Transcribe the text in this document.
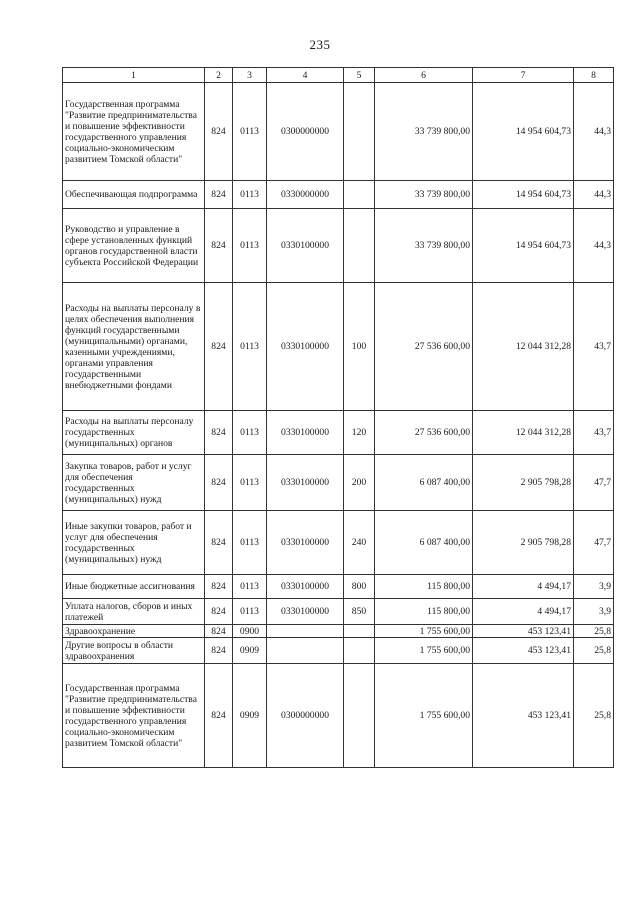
235
1	2	3	4	5	6	7	8
Государственная программа "Развитие предпринимательства и повышение эффективности государственного управления социально-экономическим развитием Томской области"	824	0113	0300000000		33 739 800,00	14 954 604,73	44,3
Обеспечивающая подпрограмма	824	0113	0330000000		33 739 800,00	14 954 604,73	44,3
Руководство и управление в сфере установленных функций органов государственной власти субъекта Российской Федерации	824	0113	0330100000		33 739 800,00	14 954 604,73	44,3
Расходы на выплаты персоналу в целях обеспечения выполнения функций государственными (муниципальными) органами, казенными учреждениями, органами управления государственными внебюджетными фондами	824	0113	0330100000	100	27 536 600,00	12 044 312,28	43,7
Расходы на выплаты персоналу государственных (муниципальных) органов	824	0113	0330100000	120	27 536 600,00	12 044 312,28	43,7
Закупка товаров, работ и услуг для обеспечения государственных (муниципальных) нужд	824	0113	0330100000	200	6 087 400,00	2 905 798,28	47,7
Иные закупки товаров, работ и услуг для обеспечения государственных (муниципальных) нужд	824	0113	0330100000	240	6 087 400,00	2 905 798,28	47,7
Иные бюджетные ассигнования	824	0113	0330100000	800	115 800,00	4 494,17	3,9
Уплата налогов, сборов и иных платежей	824	0113	0330100000	850	115 800,00	4 494,17	3,9
Здравоохранение	824	0900			1 755 600,00	453 123,41	25,8
Другие вопросы в области здравоохранения	824	0909			1 755 600,00	453 123,41	25,8
Государственная программа "Развитие предпринимательства и повышение эффективности государственного управления социально-экономическим развитием Томской области"	824	0909	0300000000		1 755 600,00	453 123,41	25,8
